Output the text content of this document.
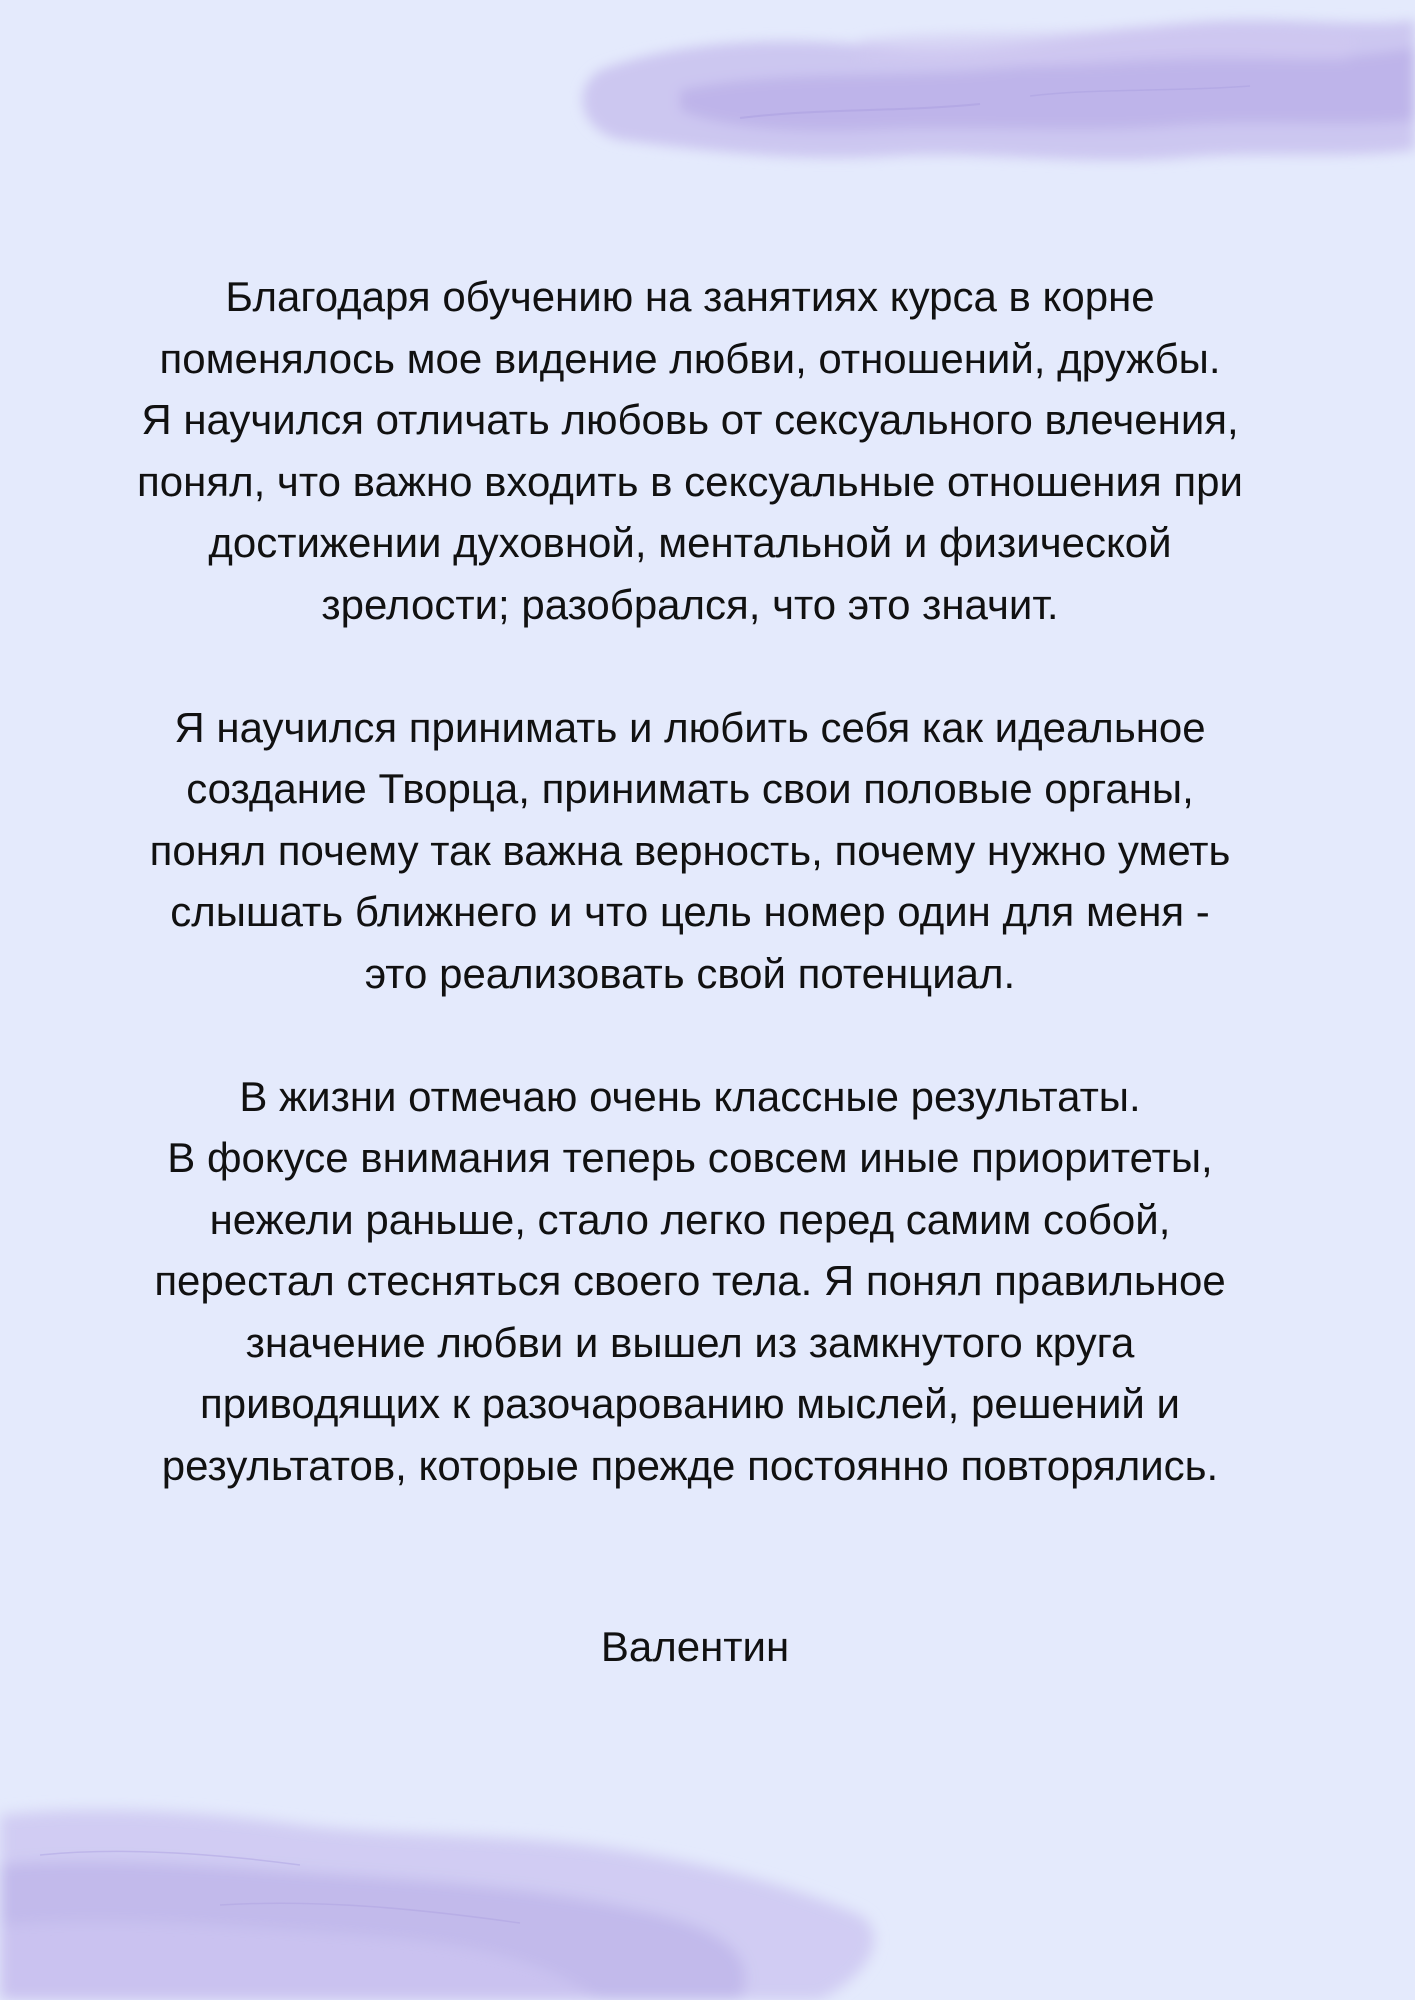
Благодаря обучению на занятиях курса в корне
поменялось мое видение любви, отношений, дружбы.
Я научился отличать любовь от сексуального влечения,
понял, что важно входить в сексуальные отношения при
достижении духовной, ментальной и физической
зрелости; разобрался, что это значит.

Я научился принимать и любить себя как идеальное
создание Творца, принимать свои половые органы,
понял почему так важна верность, почему нужно уметь
слышать ближнего и что цель номер один для меня -
это реализовать свой потенциал.

В жизни отмечаю очень классные результаты.
В фокусе внимания теперь совсем иные приоритеты,
нежели раньше, стало легко перед самим собой,
перестал стесняться своего тела. Я понял правильное
значение любви и вышел из замкнутого круга
приводящих к разочарованию мыслей, решений и
результатов, которые прежде постоянно повторялись.

Валентин
